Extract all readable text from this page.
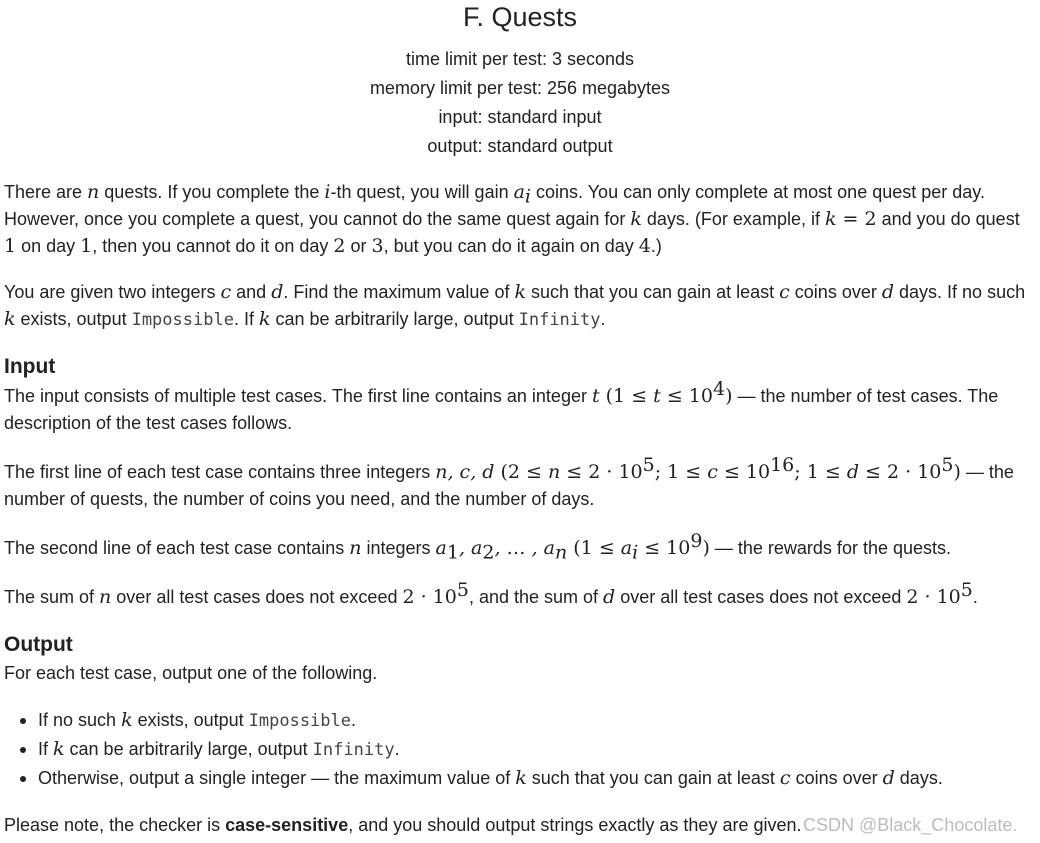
F. Quests
time limit per test: 3 seconds
memory limit per test: 256 megabytes
input: standard input
output: standard output
There are n quests. If you complete the i-th quest, you will gain $a_i$ coins. You can only complete at most one quest per day. However, once you complete a quest, you cannot do the same quest again for k days. (For example, if k = 2 and you do quest 1 on day 1, then you cannot do it on day 2 or 3, but you can do it again on day 4.)
You are given two integers c and d. Find the maximum value of k such that you can gain at least c coins over d days. If no such k exists, output Impossible. If k can be arbitrarily large, output Infinity.
Input
The input consists of multiple test cases. The first line contains an integer t $(1 \le t \le 10^4)$ — the number of test cases. The description of the test cases follows.
The first line of each test case contains three integers n, c, d ($2 \le n \le 2 \cdot 10^5$; $1 \le c \le 10^{16}$; $1 \le d \le 2 \cdot 10^5$) — the number of quests, the number of coins you need, and the number of days.
The second line of each test case contains n integers $a_1$, $a_2$, … , $a_n$ $(1 \le a_i \le 10^9)$ — the rewards for the quests.
The sum of n over all test cases does not exceed $2 \cdot 10^5$, and the sum of d over all test cases does not exceed $2 \cdot 10^5$.
Output
For each test case, output one of the following.
If no such k exists, output Impossible.
If k can be arbitrarily large, output Infinity.
Otherwise, output a single integer — the maximum value of k such that you can gain at least c coins over d days.
Please note, the checker is case-sensitive, and you should output strings exactly as they are given. CSDN @Black_Chocolate.
